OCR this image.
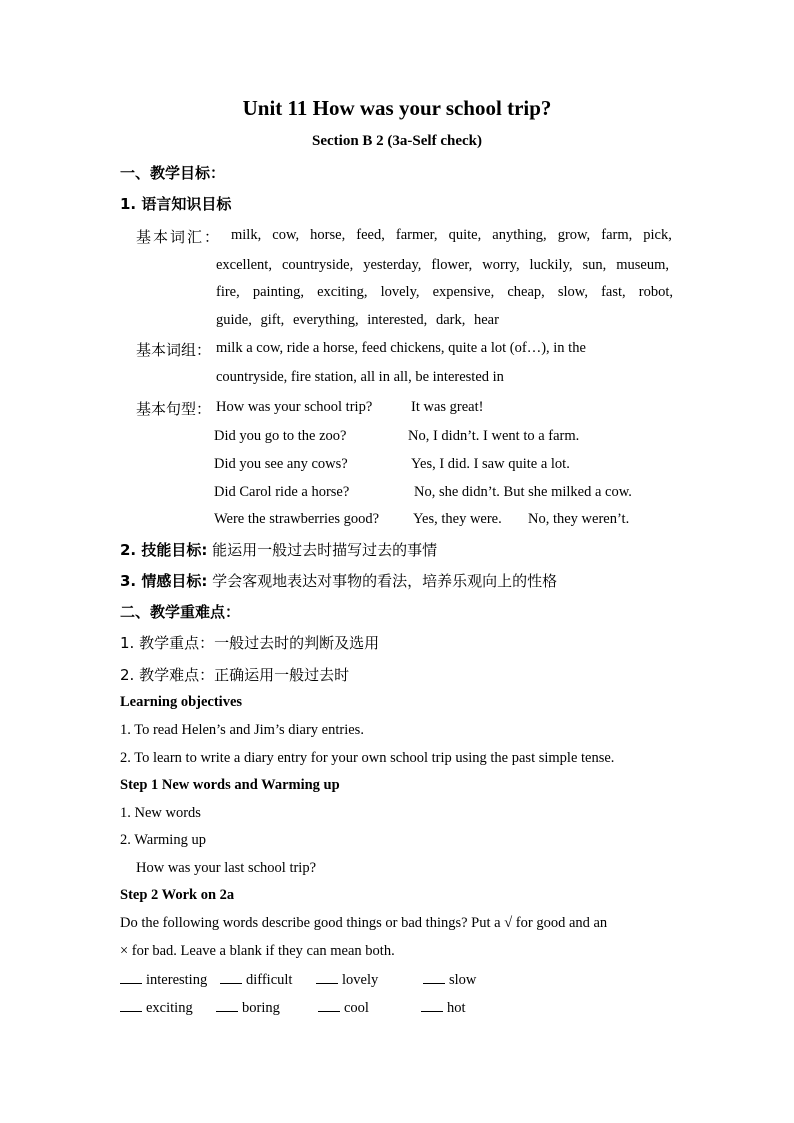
Unit 11 How was your school trip?
Section B 2 (3a-Self check)
一、教学目标：
1. 语言知识目标
基本词汇： milk, cow, horse, feed, farmer, quite, anything, grow, farm, pick,
excellent, countryside, yesterday, flower, worry, luckily, sun, museum,
fire, painting, exciting, lovely, expensive, cheap, slow, fast, robot,
guide, gift, everything, interested, dark, hear
基本词组： milk a cow, ride a horse, feed chickens, quite a lot (of…), in the
countryside, fire station, all in all, be interested in
基本句型： How was your school trip?	It was great!
Did you go to the zoo?	No, I didn’t. I went to a farm.
Did you see any cows?	Yes, I did. I saw quite a lot.
Did Carol ride a horse?	No, she didn’t. But she milked a cow.
Were the strawberries good? Yes, they were. No, they weren’t.
2. 技能目标: 能运用一般过去时描写过去的事情
3. 情感目标: 学会客观地表达对事物的看法，培养乐观向上的性格
二、教学重难点：
1. 教学重点：一般过去时的判断及选用
2. 教学难点：正确运用一般过去时
Learning objectives
1. To read Helen’s and Jim’s diary entries.
2. To learn to write a diary entry for your own school trip using the past simple tense.
Step 1 New words and Warming up
1. New words
2. Warming up
How was your last school trip?
Step 2 Work on 2a
Do the following words describe good things or bad things? Put a √ for good and an
× for bad. Leave a blank if they can mean both.
interesting	difficult	lovely	slow
exciting	boring	cool	hot
